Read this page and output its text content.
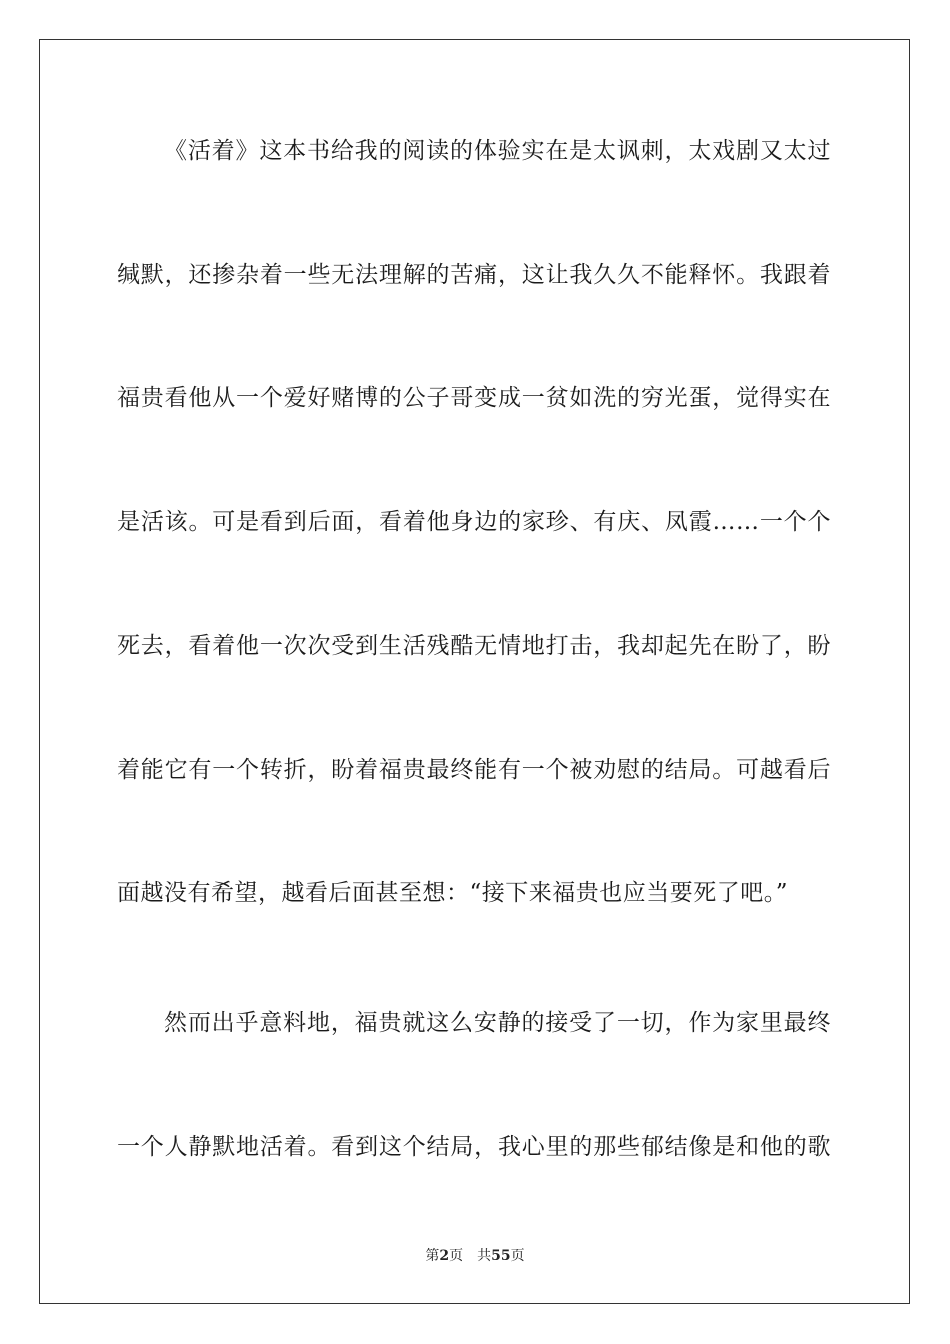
《活着》这本书给我的阅读的体验实在是太讽刺，太戏剧又太过
缄默，还掺杂着一些无法理解的苦痛，这让我久久不能释怀。我跟着
福贵看他从一个爱好赌博的公子哥变成一贫如洗的穷光蛋，觉得实在
是活该。可是看到后面，看着他身边的家珍、有庆、凤霞……一个个
死去，看着他一次次受到生活残酷无情地打击，我却起先在盼了，盼
着能它有一个转折，盼着福贵最终能有一个被劝慰的结局。可越看后
面越没有希望，越看后面甚至想：“接下来福贵也应当要死了吧。”
然而出乎意料地，福贵就这么安静的接受了一切，作为家里最终
一个人静默地活着。看到这个结局，我心里的那些郁结像是和他的歌
第2页 共55页
